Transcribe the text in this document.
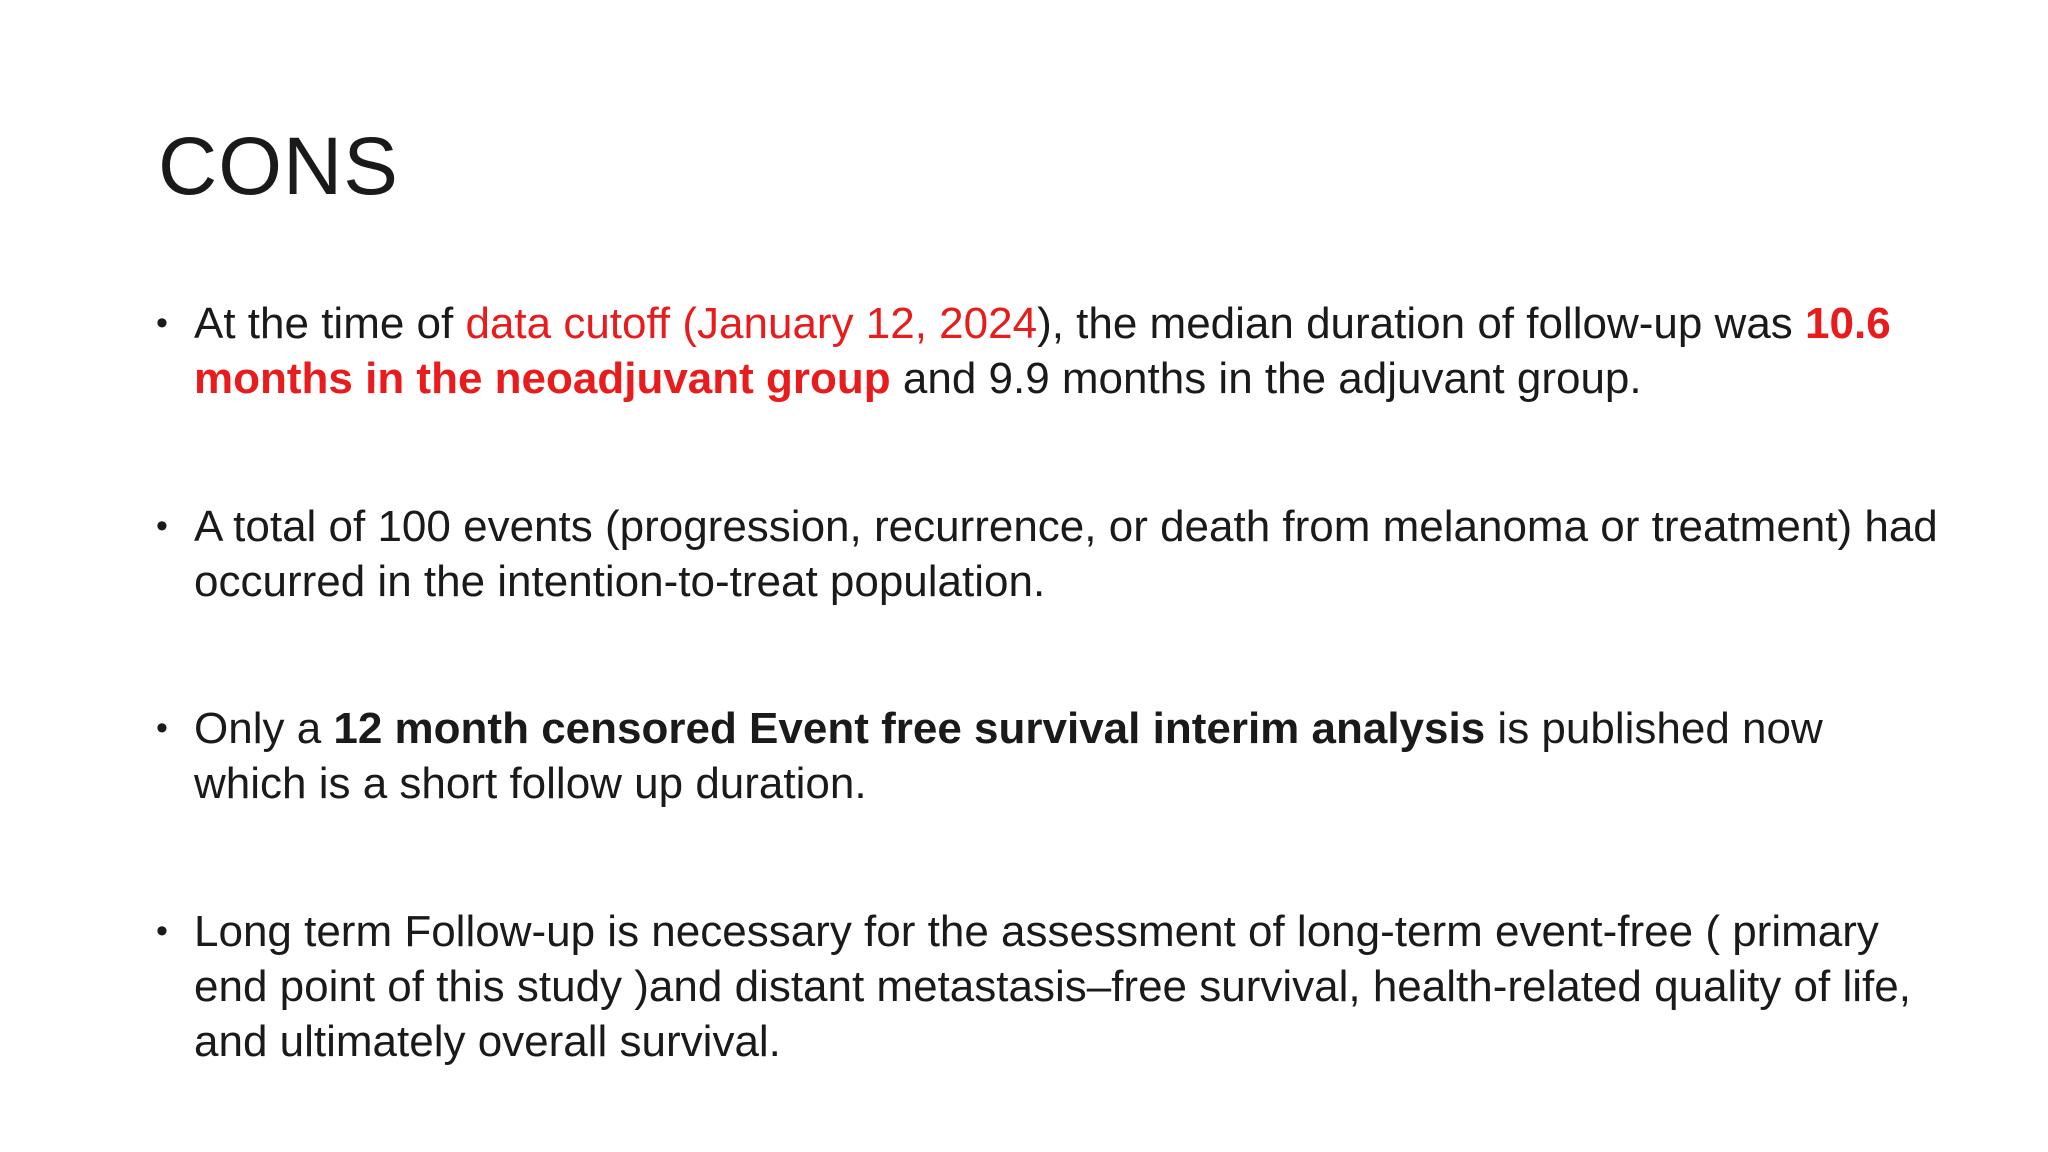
CONS
• At the time of data cutoff (January 12, 2024), the median duration of follow-up was 10.6 months in the neoadjuvant group and 9.9 months in the adjuvant group.
• A total of 100 events (progression, recurrence, or death from melanoma or treatment) had occurred in the intention-to-treat population.
• Only a 12 month censored Event free survival interim analysis is published now which is a short follow up duration.
• Long term Follow-up is necessary for the assessment of long-term event-free ( primary end point of this study )and distant metastasis–free survival, health-related quality of life, and ultimately overall survival.
